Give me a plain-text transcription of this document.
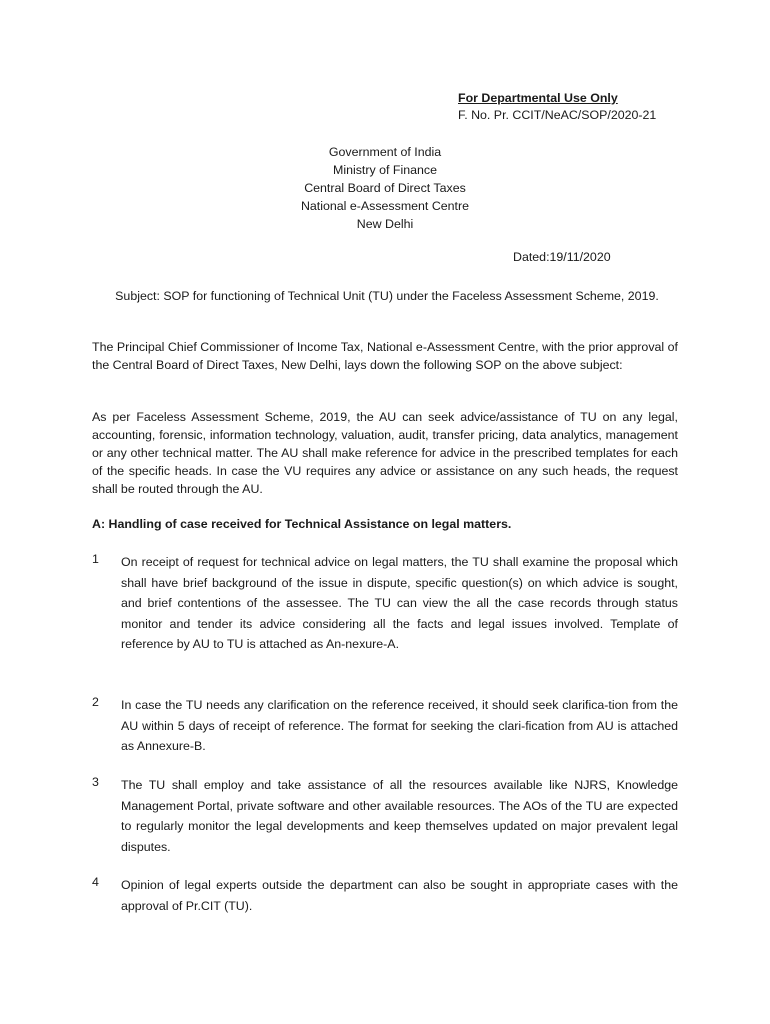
For Departmental Use Only
F. No. Pr. CCIT/NeAC/SOP/2020-21
Government of India
Ministry of Finance
Central Board of Direct Taxes
National e-Assessment Centre
New Delhi
Dated:19/11/2020
Subject: SOP for functioning of Technical Unit (TU) under the Faceless Assessment Scheme, 2019.
The Principal Chief Commissioner of Income Tax, National e-Assessment Centre, with the prior approval of the Central Board of Direct Taxes, New Delhi, lays down the following SOP on the above subject:
As per Faceless Assessment Scheme, 2019, the AU can seek advice/assistance of TU on any legal, accounting, forensic, information technology, valuation, audit, transfer pricing, data analytics, management or any other technical matter. The AU shall make reference for advice in the prescribed templates for each of the specific heads. In case the VU requires any advice or assistance on any such heads, the request shall be routed through the AU.
A: Handling of case received for Technical Assistance on legal matters.
1 On receipt of request for technical advice on legal matters, the TU shall examine the proposal which shall have brief background of the issue in dispute, specific question(s) on which advice is sought, and brief contentions of the assessee. The TU can view the all the case records through status monitor and tender its advice considering all the facts and legal issues involved. Template of reference by AU to TU is attached as An-nexure-A.
2 In case the TU needs any clarification on the reference received, it should seek clarifica-tion from the AU within 5 days of receipt of reference. The format for seeking the clari-fication from AU is attached as Annexure-B.
3 The TU shall employ and take assistance of all the resources available like NJRS, Knowledge Management Portal, private software and other available resources. The AOs of the TU are expected to regularly monitor the legal developments and keep themselves updated on major prevalent legal disputes.
4 Opinion of legal experts outside the department can also be sought in appropriate cases with the approval of Pr.CIT (TU).
